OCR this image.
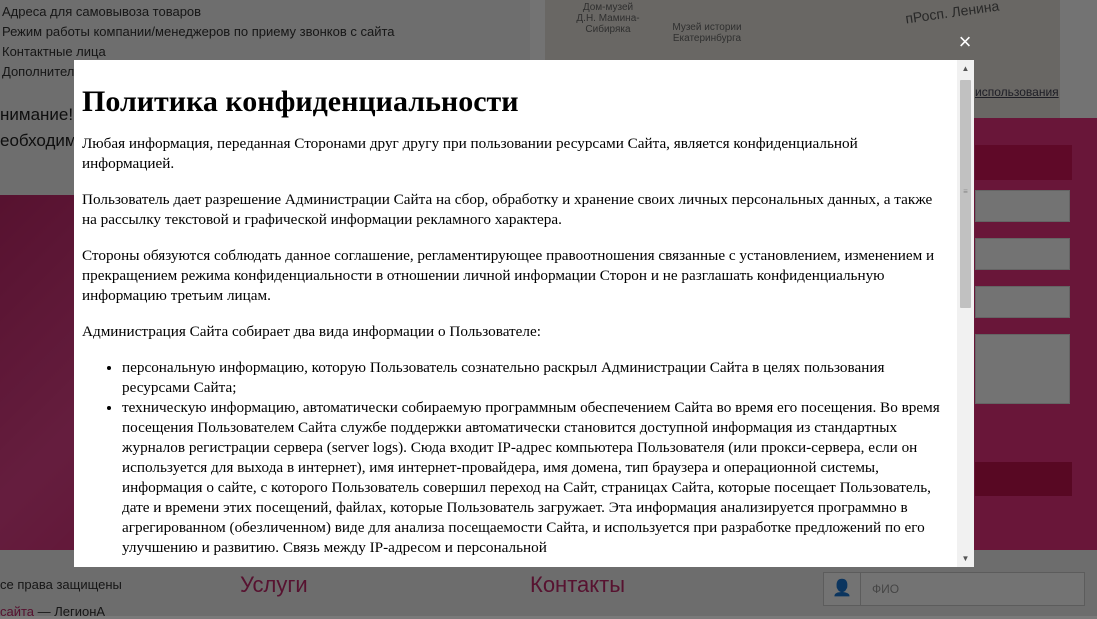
×
Политика конфиденциальности

Любая информация, переданная Сторонами друг другу при пользовании ресурсами Сайта, является конфиденциальной информацией.

Пользователь дает разрешение Администрации Сайта на сбор, обработку и хранение своих личных персональных данных, а также на рассылку текстовой и графической информации рекламного характера.

Стороны обязуются соблюдать данное соглашение, регламентирующее правоотношения связанные с установлением, изменением и прекращением режима конфиденциальности в отношении личной информации Сторон и не разглашать конфиденциальную информацию третьим лицам.

Администрация Сайта собирает два вида информации о Пользователе:

• персональную информацию, которую Пользователь сознательно раскрыл Администрации Сайта в целях пользования ресурсами Сайта;
• техническую информацию, автоматически собираемую программным обеспечением Сайта во время его посещения. Во время посещения Пользователем Сайта службе поддержки автоматически становится доступной информация из стандартных журналов регистрации сервера (server logs). Сюда входит IP-адрес компьютера Пользователя (или прокси-сервера, если он используется для выхода в интернет), имя интернет-провайдера, имя домена, тип браузера и операционной системы, информация о сайте, с которого Пользователь совершил переход на Сайт, страницах Сайта, которые посещает Пользователь, дате и времени этих посещений, файлах, которые Пользователь загружает. Эта информация анализируется программно в агрегированном (обезличенном) виде для анализа посещаемости Сайта, и используется при разработке предложений по его улучшению и развитию. Связь между IP-адресом и персональной
▲
≡
▼
